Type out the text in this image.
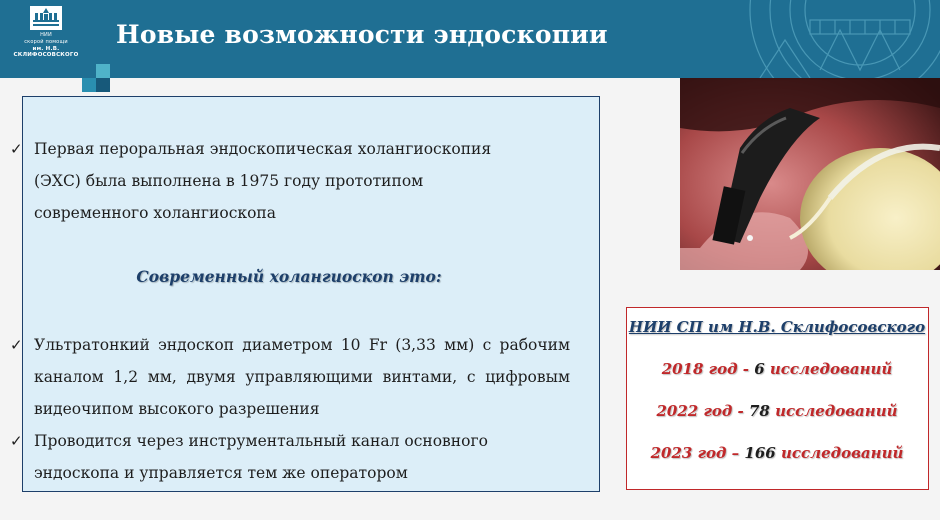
НИИ
скорой помощи
им. Н.В. СКЛИФОСОВСКОГО
Новые возможности эндоскопии
✓ Первая пероральная эндоскопическая холангиоскопия (ЭХС) была выполнена в 1975 году прототипом современного холангиоскопа
Современный холангиоскоп это:
✓ Ультратонкий эндоскоп диаметром 10 Fr (3,33 мм) с рабочим каналом 1,2 мм, двумя управляющими винтами, с цифровым видеочипом высокого разрешения
✓ Проводится через инструментальный канал основного эндоскопа и управляется тем же оператором
НИИ СП им Н.В. Склифосовского
2018 год - 6 исследований
2022 год - 78 исследований
2023 год – 166 исследований
